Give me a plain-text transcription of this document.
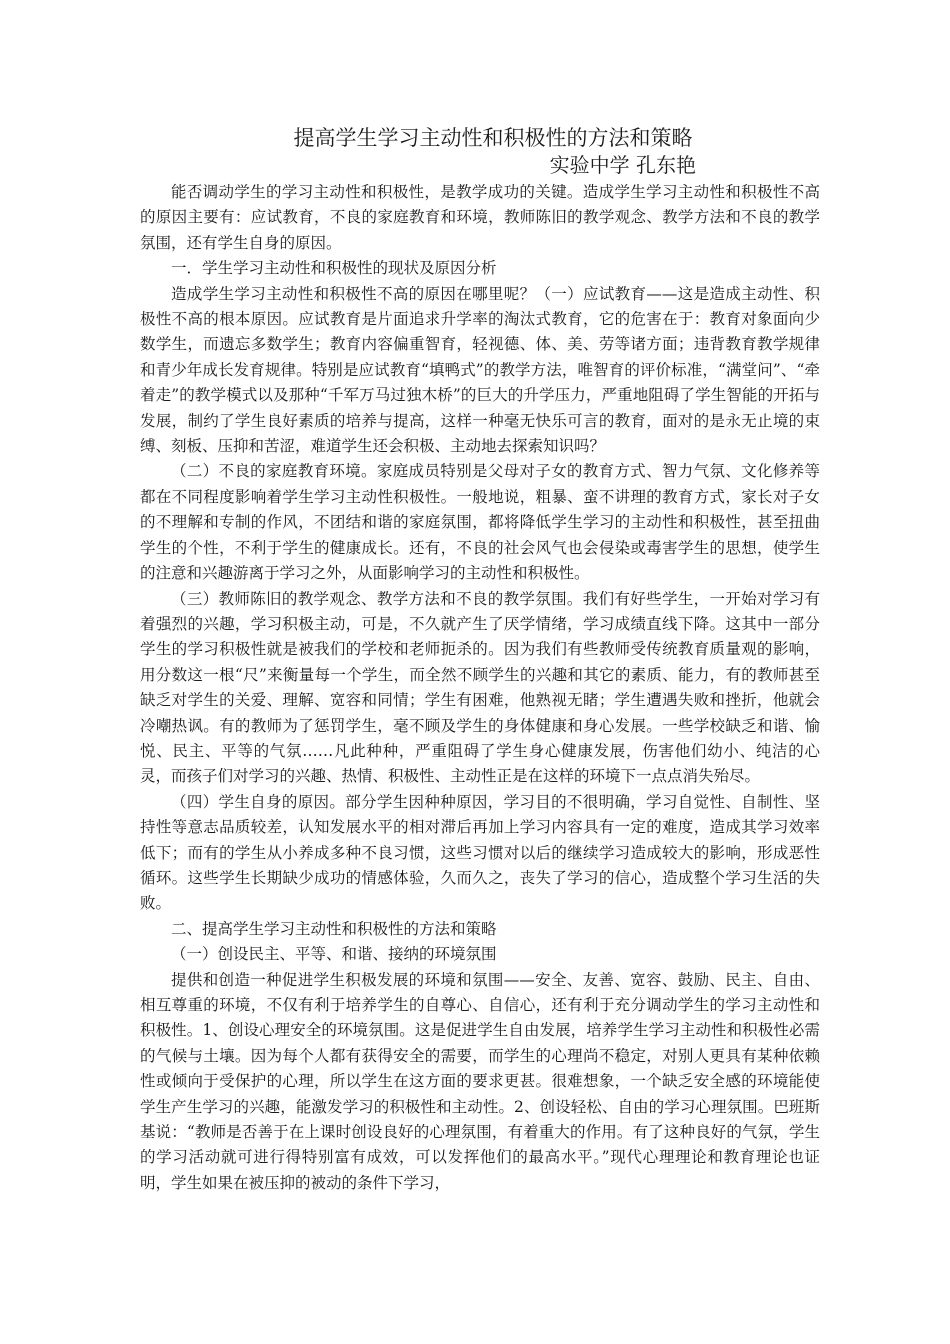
提高学生学习主动性和积极性的方法和策略
实验中学 孔东艳

能否调动学生的学习主动性和积极性，是教学成功的关键。造成学生学习主动性和积极性不高的原因主要有：应试教育，不良的家庭教育和环境，教师陈旧的教学观念、教学方法和不良的教学氛围，还有学生自身的原因。

一．学生学习主动性和积极性的现状及原因分析

造成学生学习主动性和积极性不高的原因在哪里呢？（一）应试教育——这是造成主动性、积极性不高的根本原因。应试教育是片面追求升学率的淘汰式教育，它的危害在于：教育对象面向少数学生，而遗忘多数学生；教育内容偏重智育，轻视德、体、美、劳等诸方面；违背教育教学规律和青少年成长发育规律。特别是应试教育“填鸭式”的教学方法，唯智育的评价标准，“满堂问”、“牵着走”的教学模式以及那种“千军万马过独木桥”的巨大的升学压力，严重地阻碍了学生智能的开拓与发展，制约了学生良好素质的培养与提高，这样一种毫无快乐可言的教育，面对的是永无止境的束缚、刻板、压抑和苦涩，难道学生还会积极、主动地去探索知识吗？

（二）不良的家庭教育环境。家庭成员特别是父母对子女的教育方式、智力气氛、文化修养等都在不同程度影响着学生学习主动性积极性。一般地说，粗暴、蛮不讲理的教育方式，家长对子女的不理解和专制的作风，不团结和谐的家庭氛围，都将降低学生学习的主动性和积极性，甚至扭曲学生的个性，不利于学生的健康成长。还有，不良的社会风气也会侵染或毒害学生的思想，使学生的注意和兴趣游离于学习之外，从面影响学习的主动性和积极性。

（三）教师陈旧的教学观念、教学方法和不良的教学氛围。我们有好些学生，一开始对学习有着强烈的兴趣，学习积极主动，可是，不久就产生了厌学情绪，学习成绩直线下降。这其中一部分学生的学习积极性就是被我们的学校和老师扼杀的。因为我们有些教师受传统教育质量观的影响，用分数这一根“尺”来衡量每一个学生，而全然不顾学生的兴趣和其它的素质、能力，有的教师甚至缺乏对学生的关爱、理解、宽容和同情；学生有困难，他熟视无睹；学生遭遇失败和挫折，他就会冷嘲热讽。有的教师为了惩罚学生，毫不顾及学生的身体健康和身心发展。一些学校缺乏和谐、愉悦、民主、平等的气氛……凡此种种，严重阻碍了学生身心健康发展，伤害他们幼小、纯洁的心灵，而孩子们对学习的兴趣、热情、积极性、主动性正是在这样的环境下一点点消失殆尽。

（四）学生自身的原因。部分学生因种种原因，学习目的不很明确，学习自觉性、自制性、坚持性等意志品质较差，认知发展水平的相对滞后再加上学习内容具有一定的难度，造成其学习效率低下；而有的学生从小养成多种不良习惯，这些习惯对以后的继续学习造成较大的影响，形成恶性循环。这些学生长期缺少成功的情感体验，久而久之，丧失了学习的信心，造成整个学习生活的失败。

二、提高学生学习主动性和积极性的方法和策略

（一）创设民主、平等、和谐、接纳的环境氛围

提供和创造一种促进学生积极发展的环境和氛围——安全、友善、宽容、鼓励、民主、自由、相互尊重的环境，不仅有利于培养学生的自尊心、自信心，还有利于充分调动学生的学习主动性和积极性。1、创设心理安全的环境氛围。这是促进学生自由发展，培养学生学习主动性和积极性必需的气候与土壤。因为每个人都有获得安全的需要，而学生的心理尚不稳定，对别人更具有某种依赖性或倾向于受保护的心理，所以学生在这方面的要求更甚。很难想象，一个缺乏安全感的环境能使学生产生学习的兴趣，能激发学习的积极性和主动性。2、创设轻松、自由的学习心理氛围。巴班斯基说：“教师是否善于在上课时创设良好的心理氛围，有着重大的作用。有了这种良好的气氛，学生的学习活动就可进行得特别富有成效，可以发挥他们的最高水平。”现代心理理论和教育理论也证明，学生如果在被压抑的被动的条件下学习，
